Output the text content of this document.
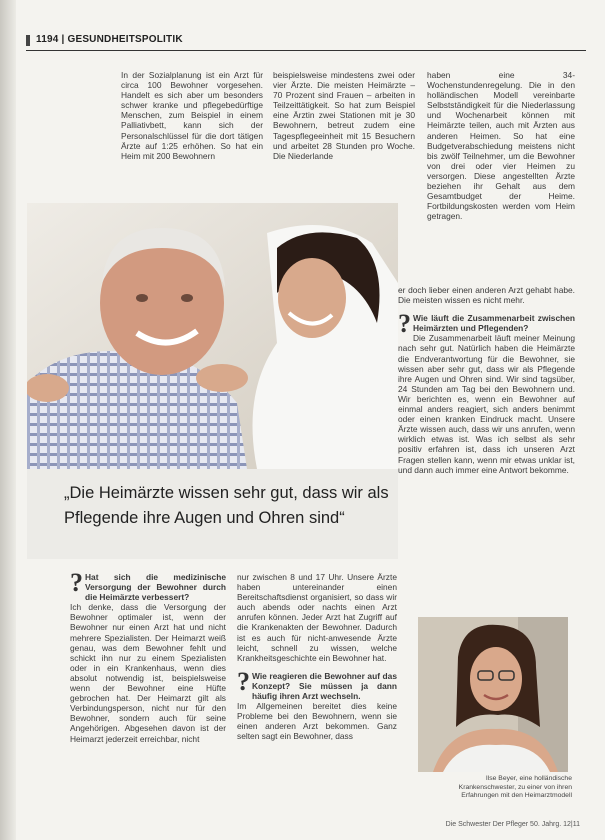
1194 | GESUNDHEITSPOLITIK

In der Sozialplanung ist ein Arzt für circa 100 Bewohner vorgesehen. Handelt es sich aber um besonders schwer kranke und pflegebedürftige Menschen, zum Beispiel in einem Palliativbett, kann sich der Personalschlüssel für die dort tätigen Ärzte auf 1:25 erhöhen. So hat ein Heim mit 200 Bewohnern

beispielsweise mindestens zwei oder vier Ärzte. Die meisten Heimärzte – 70 Prozent sind Frauen – arbeiten in Teilzeittätigkeit. So hat zum Beispiel eine Ärztin zwei Stationen mit je 30 Bewohnern, betreut zudem eine Tagespflegeeinheit mit 15 Besuchern und arbeitet 28 Stunden pro Woche. Die Niederlande

haben eine 34-Wochenstundenregelung. Die in den holländischen Modell vereinbarte Selbstständigkeit für die Niederlassung und Wochenarbeit können mit Heimärzte teilen, auch mit Ärzten aus anderen Heimen. So hat eine Budgetverabschiedung meistens nicht bis zwölf Teilnehmer, um die Bewohner von drei oder vier Heimen zu versorgen. Diese angestellten Ärzte beziehen ihr Gehalt aus dem Gesamtbudget der Heime. Fortbildungskosten werden vom Heim getragen.

er doch lieber einen anderen Arzt gehabt habe. Die meisten wissen es nicht mehr.

? Wie läuft die Zusammenarbeit zwischen Heimärzten und Pflegenden?

Die Zusammenarbeit läuft meiner Meinung nach sehr gut. Natürlich haben die Heimärzte die Endverantwortung für die Bewohner, sie wissen aber sehr gut, dass wir als Pflegende ihre Augen und Ohren sind. Wir sind tagsüber, 24 Stunden am Tag bei den Bewohnern und. Wir berichten es, wenn ein Bewohner auf einmal anders reagiert, sich anders benimmt oder einen kranken Eindruck macht. Unsere Ärzte wissen auch, dass wir uns anrufen, wenn wirklich etwas ist. Was ich selbst als sehr positiv erfahren ist, dass ich unseren Arzt Fragen stellen kann, wenn mir etwas unklar ist, und dann auch immer eine Antwort bekomme.

„Die Heimärzte wissen sehr gut, dass wir als Pflegende ihre Augen und Ohren sind“

? Hat sich die medizinische Versorgung der Bewohner durch die Heimärzte verbessert?

Ich denke, dass die Versorgung der Bewohner optimaler ist, wenn der Bewohner nur einen Arzt hat und nicht mehrere Spezialisten. Der Heimarzt weiß genau, was dem Bewohner fehlt und schickt ihn nur zu einem Spezialisten oder in ein Krankenhaus, wenn dies absolut notwendig ist, beispielsweise wenn der Bewohner eine Hüfte gebrochen hat. Der Heimarzt gilt als Verbindungsperson, nicht nur für den Bewohner, sondern auch für seine Angehörigen. Abgesehen davon ist der Heimarzt jederzeit erreichbar, nicht

nur zwischen 8 und 17 Uhr. Unsere Ärzte haben untereinander einen Bereitschaftsdienst organisiert, so dass wir auch abends oder nachts einen Arzt anrufen können. Jeder Arzt hat Zugriff auf die Krankenakten der Bewohner. Dadurch ist es auch für nicht-anwesende Ärzte leicht, schnell zu wissen, welche Krankheitsgeschichte ein Bewohner hat.

? Wie reagieren die Bewohner auf das Konzept? Sie müssen ja dann häufig ihren Arzt wechseln.

Im Allgemeinen bereitet dies keine Probleme bei den Bewohnern, wenn sie einen anderen Arzt bekommen. Ganz selten sagt ein Bewohner, dass

Ilse Beyer, eine holländische Krankenschwester, zu einer von ihren Erfahrungen mit den Heimarztmodell
Die Schwester Der Pfleger 50. Jahrg. 12|11
